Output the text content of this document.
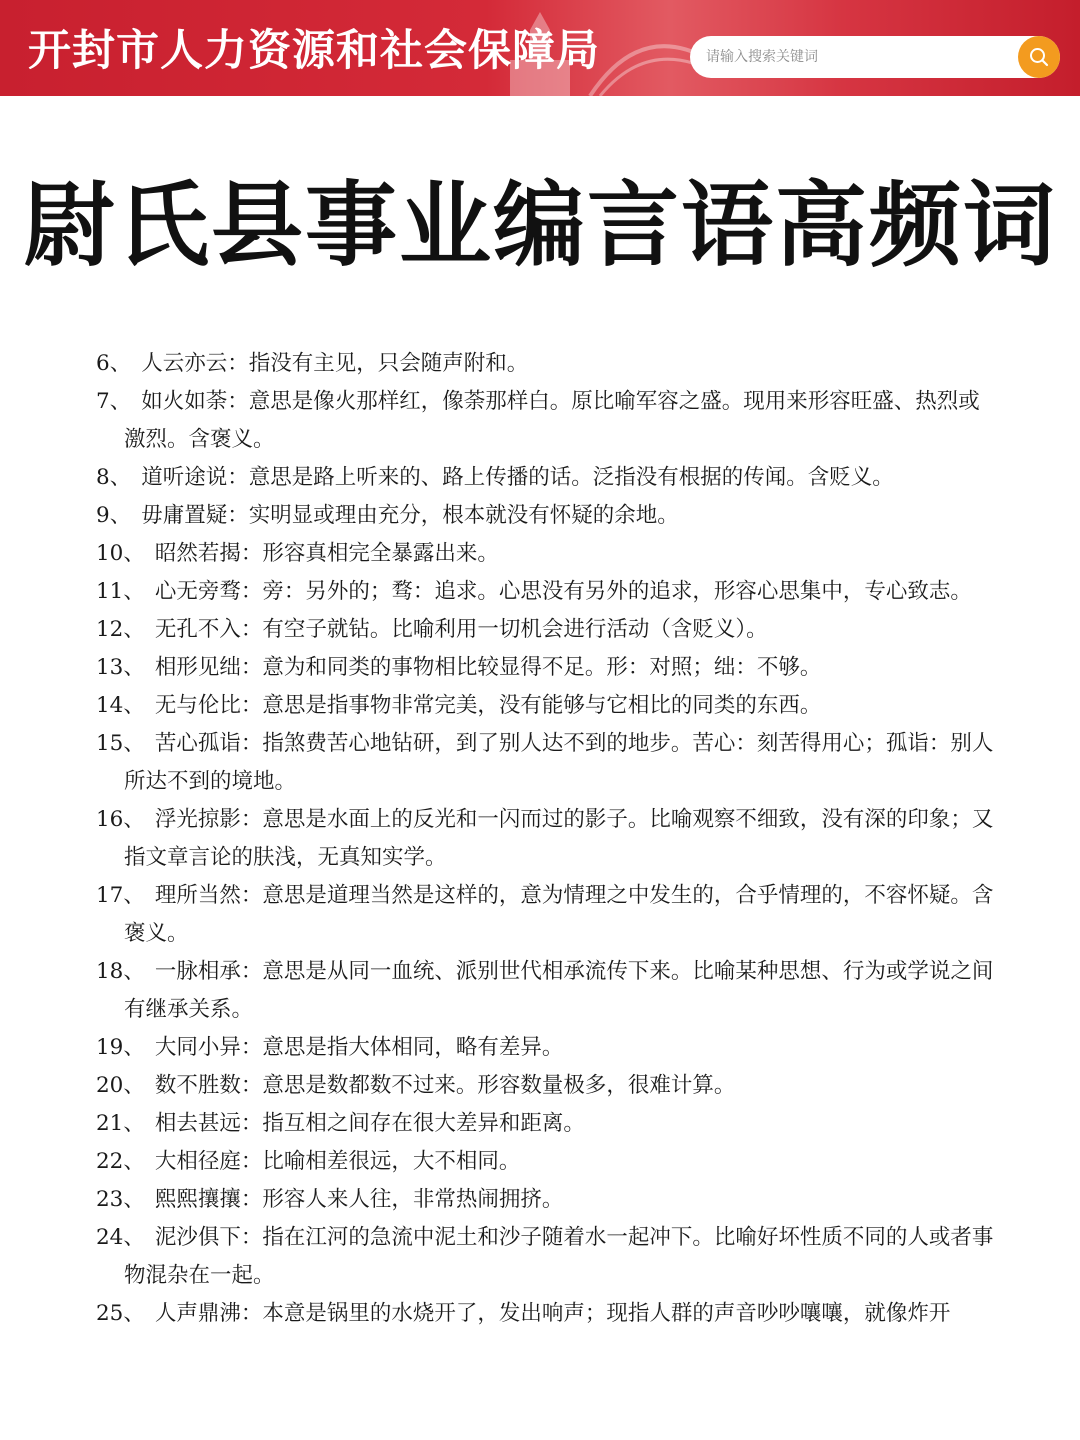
开封市人力资源和社会保障局
请输入搜索关键词
尉氏县事业编言语高频词
6、 人云亦云：指没有主见，只会随声附和。
7、 如火如荼：意思是像火那样红，像荼那样白。原比喻军容之盛。现用来形容旺盛、热烈或激烈。含褒义。
8、 道听途说：意思是路上听来的、路上传播的话。泛指没有根据的传闻。含贬义。
9、 毋庸置疑：实明显或理由充分，根本就没有怀疑的余地。
10、 昭然若揭：形容真相完全暴露出来。
11、 心无旁骛：旁：另外的；骛：追求。心思没有另外的追求，形容心思集中，专心致志。
12、 无孔不入：有空子就钻。比喻利用一切机会进行活动（含贬义）。
13、 相形见绌：意为和同类的事物相比较显得不足。形：对照；绌：不够。
14、 无与伦比：意思是指事物非常完美，没有能够与它相比的同类的东西。
15、 苦心孤诣：指煞费苦心地钻研，到了别人达不到的地步。苦心：刻苦得用心；孤诣：别人所达不到的境地。
16、 浮光掠影：意思是水面上的反光和一闪而过的影子。比喻观察不细致，没有深的印象；又指文章言论的肤浅，无真知实学。
17、 理所当然：意思是道理当然是这样的，意为情理之中发生的，合乎情理的，不容怀疑。含褒义。
18、 一脉相承：意思是从同一血统、派别世代相承流传下来。比喻某种思想、行为或学说之间有继承关系。
19、 大同小异：意思是指大体相同，略有差异。
20、 数不胜数：意思是数都数不过来。形容数量极多，很难计算。
21、 相去甚远：指互相之间存在很大差异和距离。
22、 大相径庭：比喻相差很远，大不相同。
23、 熙熙攘攘：形容人来人往，非常热闹拥挤。
24、 泥沙俱下：指在江河的急流中泥土和沙子随着水一起冲下。比喻好坏性质不同的人或者事物混杂在一起。
25、 人声鼎沸：本意是锅里的水烧开了，发出响声；现指人群的声音吵吵嚷嚷，就像炸开
